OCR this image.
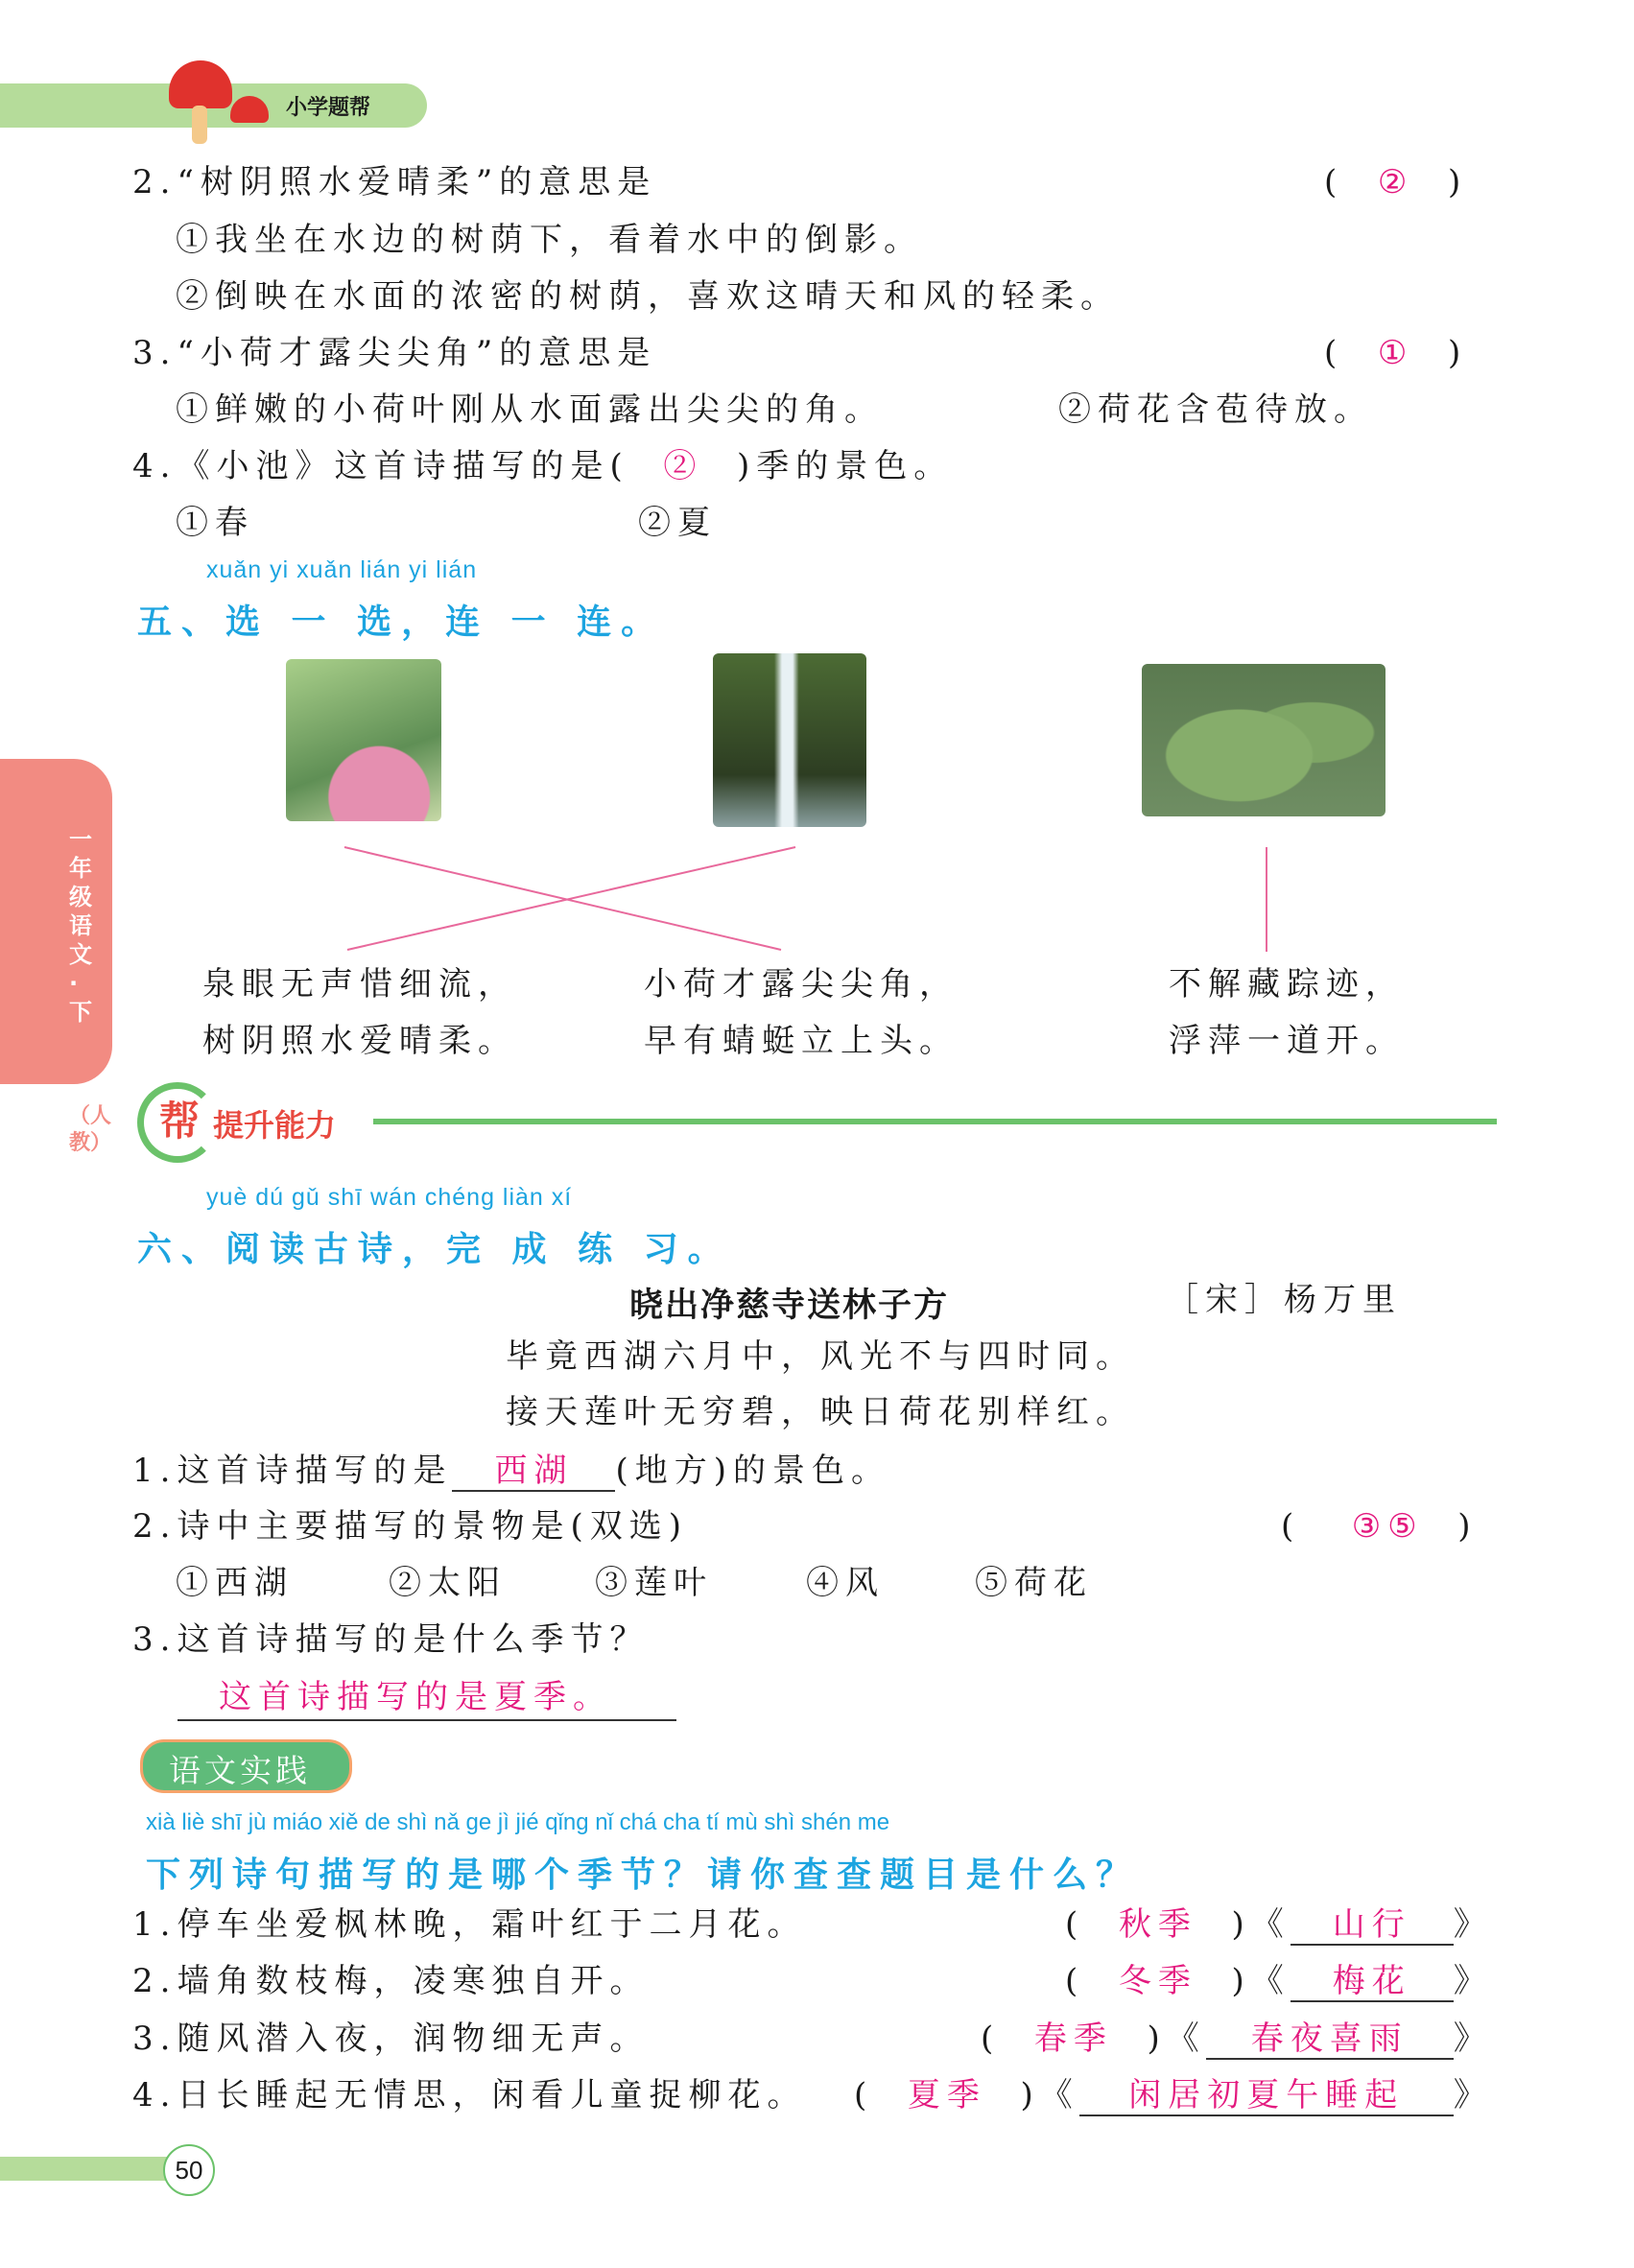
小学题帮
一年级语文·下
（人教）
2.“树阴照水爱晴柔”的意思是	(  ②  )
①我坐在水边的树荫下，看着水中的倒影。
②倒映在水面的浓密的树荫，喜欢这晴天和风的轻柔。
3.“小荷才露尖尖角”的意思是	(  ①  )
①鲜嫩的小荷叶刚从水面露出尖尖的角。	②荷花含苞待放。
4.《小池》这首诗描写的是( ② )季的景色。
①春	②夏
xuǎn yi xuǎn lián yi lián
五、选 一 选，连 一 连。
泉眼无声惜细流，
树阴照水爱晴柔。
小荷才露尖尖角，
早有蜻蜓立上头。
不解藏踪迹，
浮萍一道开。
帮 提升能力
yuè dú gǔ shī wán chéng liàn xí
六、阅读古诗，完 成 练 习。
晓出净慈寺送林子方	［宋］杨万里
毕竟西湖六月中，风光不与四时同。
接天莲叶无穷碧，映日荷花别样红。
1.这首诗描写的是 西湖 (地方)的景色。
2.诗中主要描写的景物是(双选)	(   ③⑤  )
①西湖	②太阳	③莲叶	④风	⑤荷花
3.这首诗描写的是什么季节？
这首诗描写的是夏季。
语文实践
xià liè shī jù miáo xiě de shì nǎ ge jì jié qǐng nǐ chá cha tí mù shì shén me
下列诗句描写的是哪个季节？请你查查题目是什么？
1.停车坐爱枫林晚，霜叶红于二月花。	(  秋季  )《 山行 》
2.墙角数枝梅，凌寒独自开。	(  冬季  )《 梅花 》
3.随风潜入夜，润物细无声。	(  春季  )《 春夜喜雨 》
4.日长睡起无情思，闲看儿童捉柳花。 (  夏季  )《 闲居初夏午睡起 》
50
